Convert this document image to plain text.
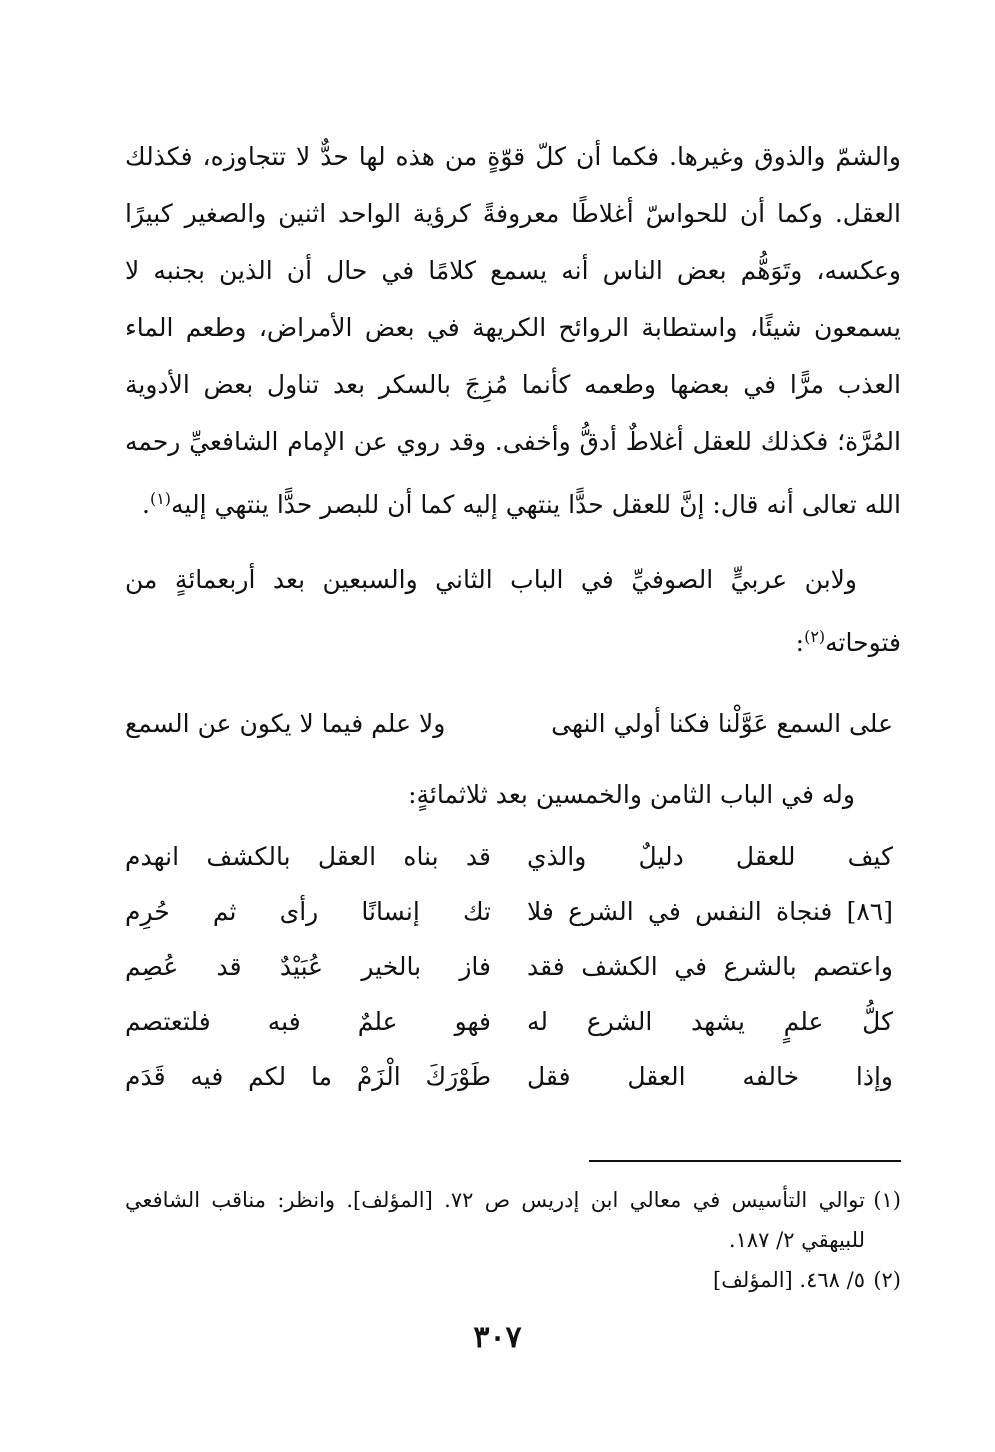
والشمّ والذوق وغيرها. فكما أن كلّ قوّةٍ من هذه لها حدٌّ لا تتجاوزه، فكذلك العقل. وكما أن للحواسّ أغلاطًا معروفةً كرؤية الواحد اثنين والصغير كبيرًا وعكسه، وتَوَهُّم بعض الناس أنه يسمع كلامًا في حال أن الذين بجنبه لا يسمعون شيئًا، واستطابة الروائح الكريهة في بعض الأمراض، وطعم الماء العذب مرًّا في بعضها وطعمه كأنما مُزِجَ بالسكر بعد تناول بعض الأدوية المُرَّة؛ فكذلك للعقل أغلاطٌ أدقُّ وأخفى. وقد روي عن الإمام الشافعيِّ رحمه الله تعالى أنه قال: إنَّ للعقل حدًّا ينتهي إليه كما أن للبصر حدًّا ينتهي إليه$^{(١)}$.

ولابن عربيٍّ الصوفيِّ في الباب الثاني والسبعين بعد أربعمائةٍ من فتوحاته$^{(٢)}$:

على السمع عَوَّلْنا فكنا أولي النهى
ولا علم فيما لا يكون عن السمع
وله في الباب الثامن والخمسين بعد ثلاثمائةٍ:
كيف للعقل دليلٌ والذي
قد بناه العقل بالكشف انهدم
[٨٦] فنجاة النفس في الشرع فلا
تك إنسانًا رأى ثم حُرِم
واعتصم بالشرع في الكشف فقد
فاز بالخير عُبَيْدٌ قد عُصِم
كلُّ علمٍ يشهد الشرع له
فهو علمٌ فبه فلتعتصم
وإذا خالفه العقل فقل
طَوْرَكَ الْزَمْ ما لكم فيه قَدَم

(١)
توالي التأسيس في معالي ابن إدريس ص ٧٢. [المؤلف]. وانظر: مناقب الشافعي للبيهقي ٢/ ١٨٧.

(٢)
٥/ ٤٦٨. [المؤلف]

٣٠٧
